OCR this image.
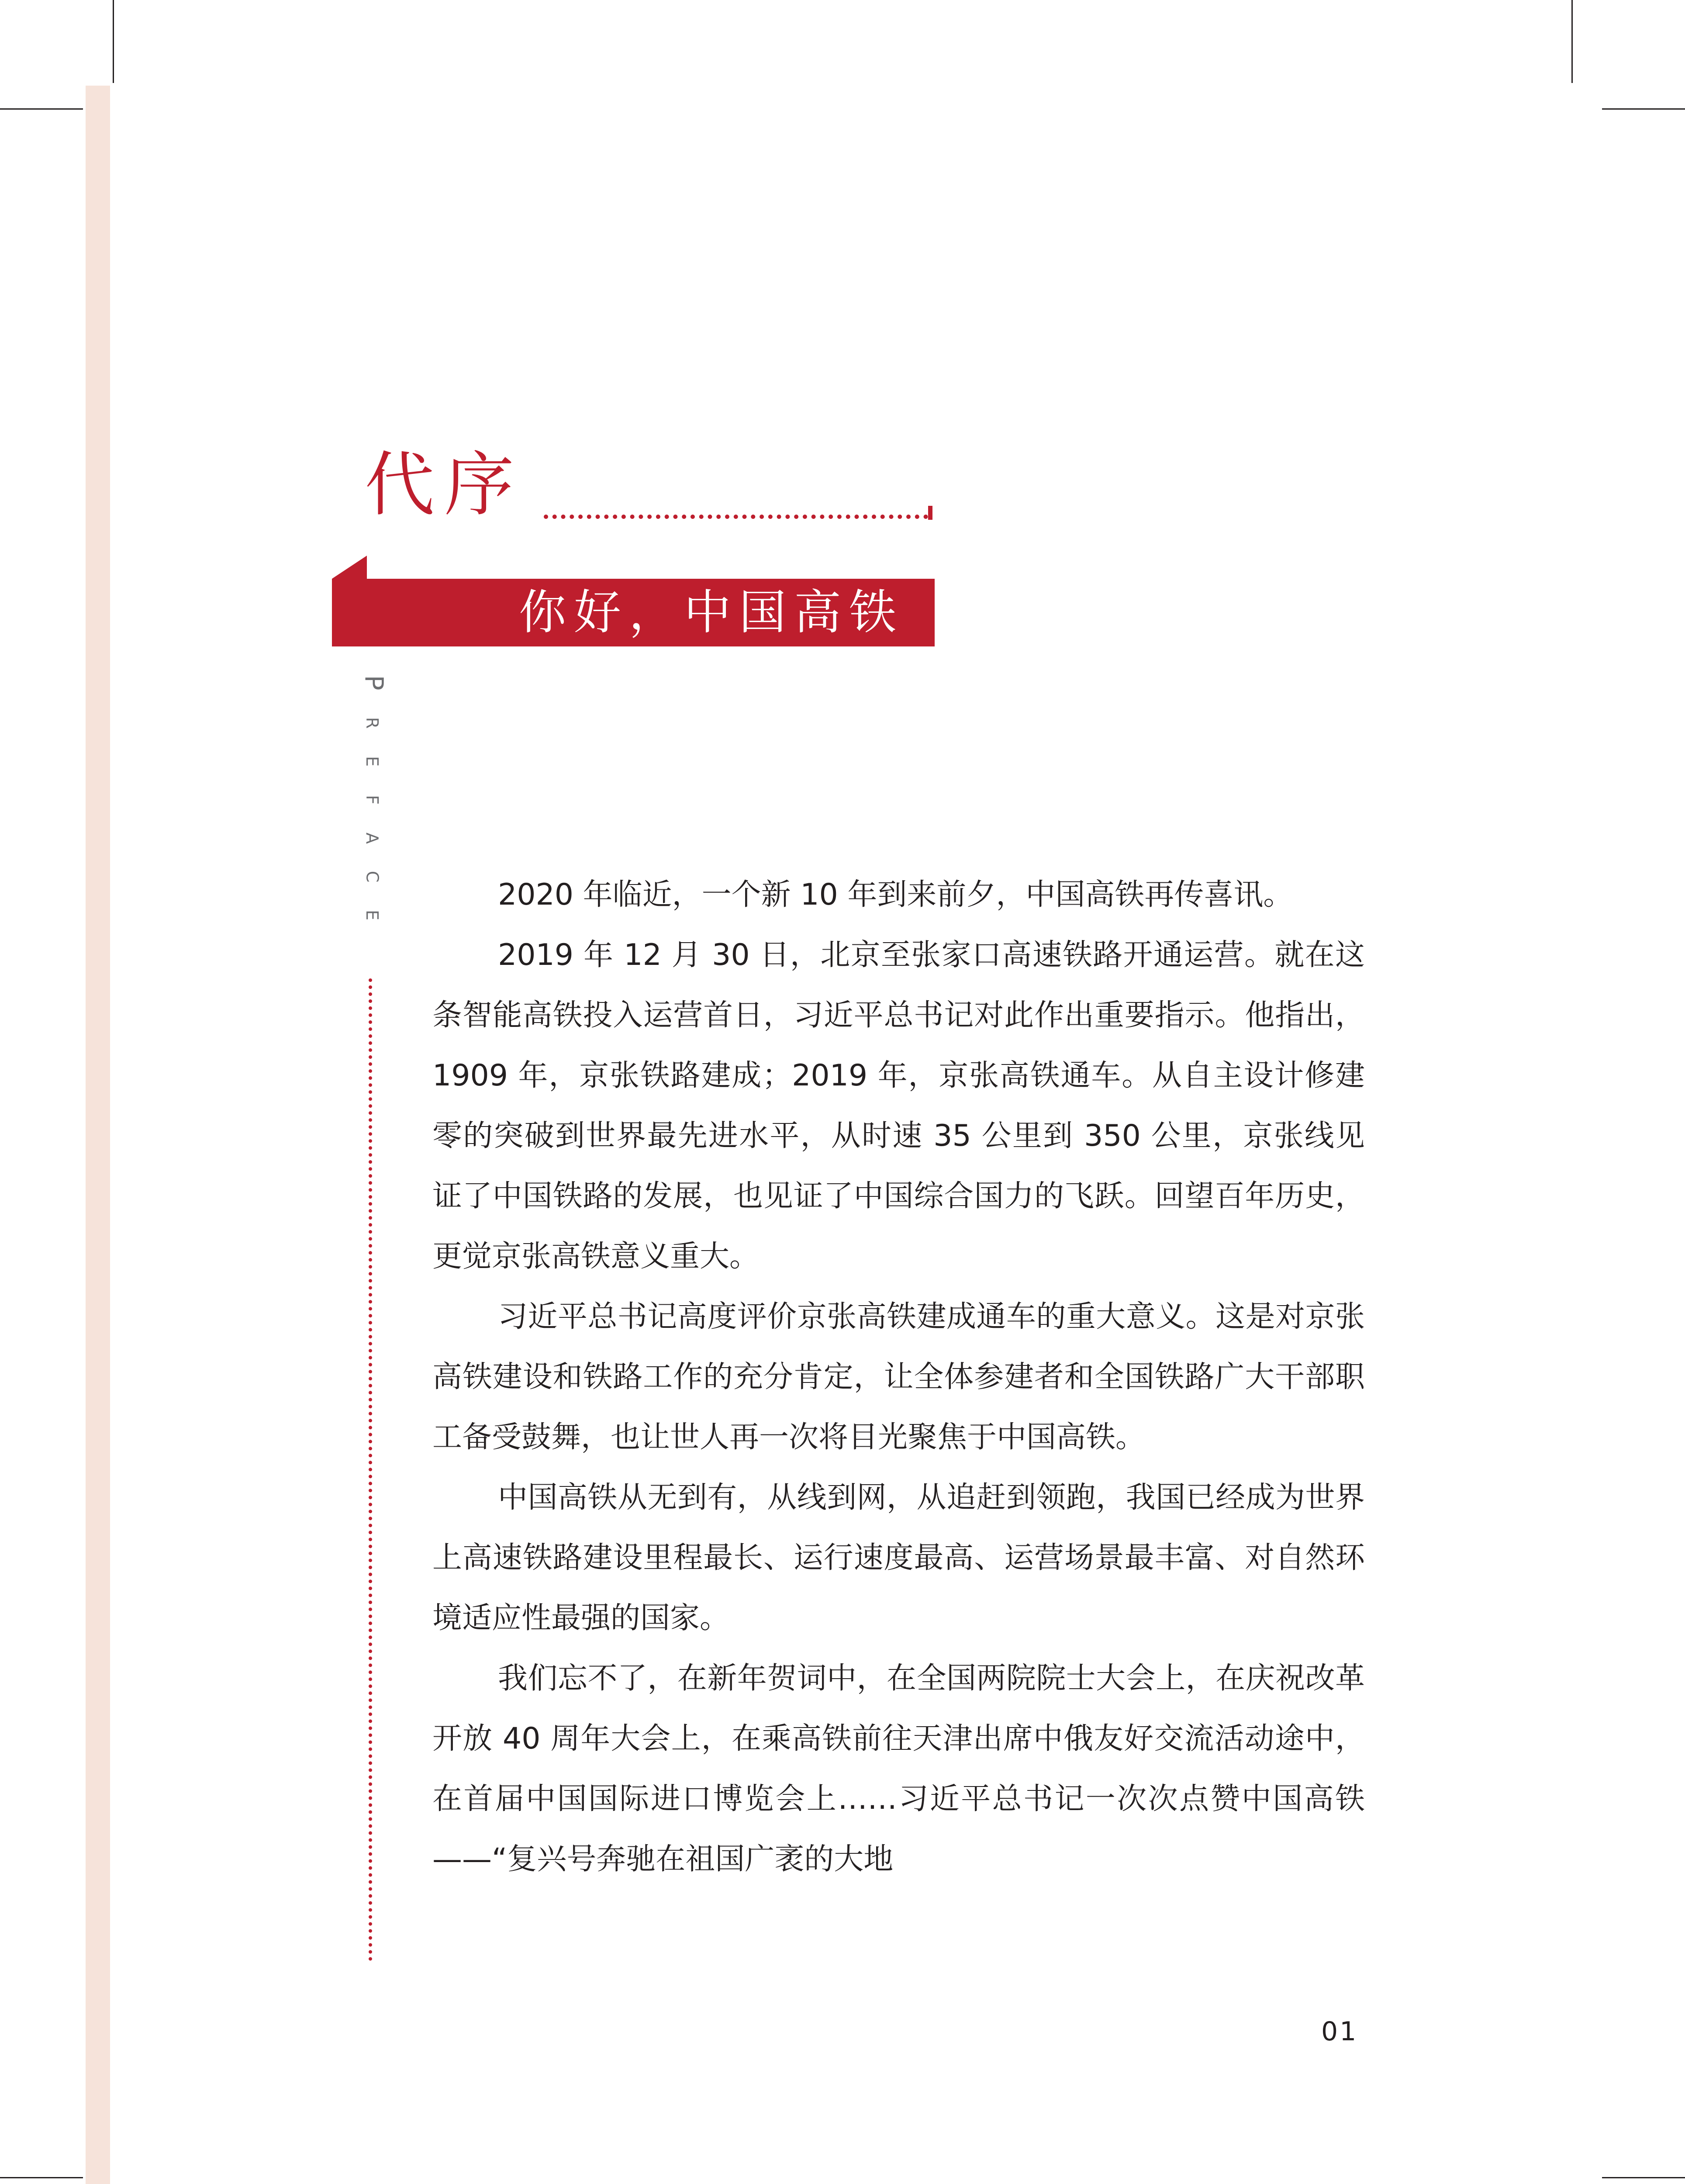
代序
你好，中国高铁
P
R
E
F
A
C
E

2020 年临近，一个新 10 年到来前夕，中国高铁再传喜讯。

2019 年 12 月 30 日，北京至张家口高速铁路开通运营。就在这条智能高铁投入运营首日，习近平总书记对此作出重要指示。他指出，1909 年，京张铁路建成；2019 年，京张高铁通车。从自主设计修建零的突破到世界最先进水平，从时速 35 公里到 350 公里，京张线见证了中国铁路的发展，也见证了中国综合国力的飞跃。回望百年历史，更觉京张高铁意义重大。

习近平总书记高度评价京张高铁建成通车的重大意义。这是对京张高铁建设和铁路工作的充分肯定，让全体参建者和全国铁路广大干部职工备受鼓舞，也让世人再一次将目光聚焦于中国高铁。

中国高铁从无到有，从线到网，从追赶到领跑，我国已经成为世界上高速铁路建设里程最长、运行速度最高、运营场景最丰富、对自然环境适应性最强的国家。

我们忘不了，在新年贺词中，在全国两院院士大会上，在庆祝改革开放 40 周年大会上，在乘高铁前往天津出席中俄友好交流活动途中，在首届中国国际进口博览会上……习近平总书记一次次点赞中国高铁——“复兴号奔驰在祖国广袤的大地

01
